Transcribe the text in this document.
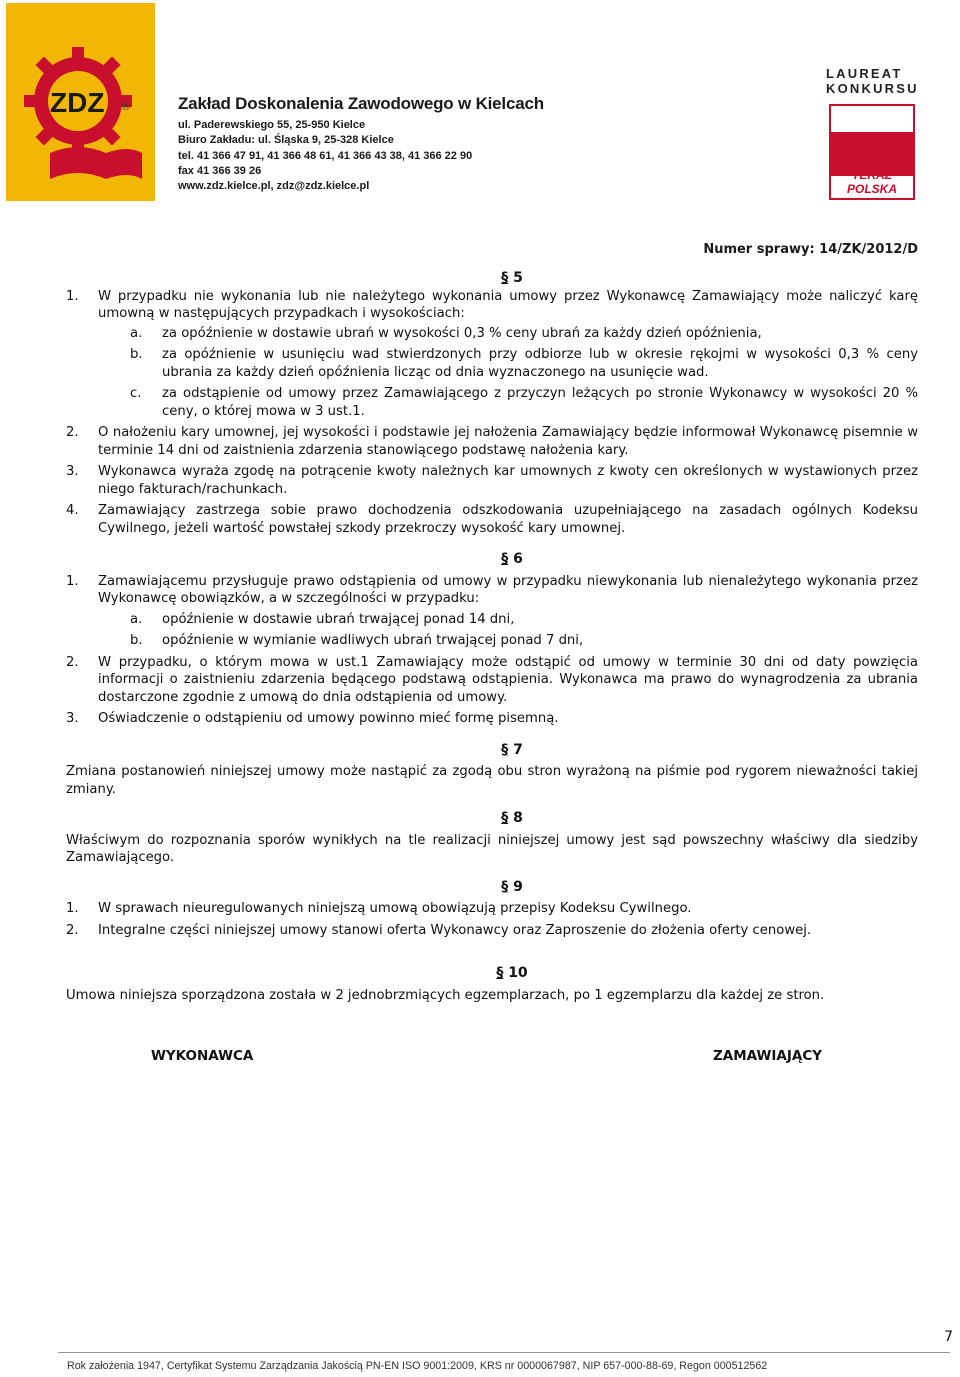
ZDZ ®	Zakład Doskonalenia Zawodowego w Kielcach
ul. Paderewskiego 55, 25-950 Kielce
Biuro Zakładu: ul. Śląska 9, 25-328 Kielce
tel. 41 366 47 91, 41 366 48 61, 41 366 43 38, 41 366 22 90
fax 41 366 39 26
www.zdz.kielce.pl, zdz@zdz.kielce.pl
LAUREAT
KONKURSU
TERAZ POLSKA
Numer sprawy: 14/ZK/2012/D
§ 5
1.	W przypadku nie wykonania lub nie należytego wykonania umowy przez Wykonawcę Zamawiający może naliczyć karę umowną w następujących przypadkach i wysokościach:
a.	za opóźnienie w dostawie ubrań w wysokości 0,3 % ceny ubrań za każdy dzień opóźnienia,
b.	za opóźnienie w usunięciu wad stwierdzonych przy odbiorze lub w okresie rękojmi w wysokości 0,3 % ceny ubrania za każdy dzień opóźnienia licząc od dnia wyznaczonego na usunięcie wad.
c.	za odstąpienie od umowy przez Zamawiającego z przyczyn leżących po stronie Wykonawcy w wysokości 20 % ceny, o której mowa w 3 ust.1.
2.	O nałożeniu kary umownej, jej wysokości i podstawie jej nałożenia Zamawiający będzie informował Wykonawcę pisemnie w terminie 14 dni od zaistnienia zdarzenia stanowiącego podstawę nałożenia kary.
3.	Wykonawca wyraża zgodę na potrącenie kwoty należnych kar umownych z kwoty cen określonych w wystawionych przez niego fakturach/rachunkach.
4.	Zamawiający zastrzega sobie prawo dochodzenia odszkodowania uzupełniającego na zasadach ogólnych Kodeksu Cywilnego, jeżeli wartość powstałej szkody przekroczy wysokość kary umownej.
§ 6
1.	Zamawiającemu przysługuje prawo odstąpienia od umowy w przypadku niewykonania lub nienależytego wykonania przez Wykonawcę obowiązków, a w szczególności w przypadku:
a.	opóźnienie w dostawie ubrań trwającej ponad 14 dni,
b.	opóźnienie w wymianie wadliwych ubrań trwającej ponad 7 dni,
2.	W przypadku, o którym mowa w ust.1 Zamawiający może odstąpić od umowy w terminie 30 dni od daty powzięcia informacji o zaistnieniu zdarzenia będącego podstawą odstąpienia. Wykonawca ma prawo do wynagrodzenia za ubrania dostarczone zgodnie z umową do dnia odstąpienia od umowy.
3.	Oświadczenie o odstąpieniu od umowy powinno mieć formę pisemną.
§ 7
Zmiana postanowień niniejszej umowy może nastąpić za zgodą obu stron wyrażoną na piśmie pod rygorem nieważności takiej zmiany.
§ 8
Właściwym do rozpoznania sporów wynikłych na tle realizacji niniejszej umowy jest sąd powszechny właściwy dla siedziby Zamawiającego.
§ 9
1.	W sprawach nieuregulowanych niniejszą umową obowiązują przepisy Kodeksu Cywilnego.
2.	Integralne części niniejszej umowy stanowi oferta Wykonawcy oraz Zaproszenie do złożenia oferty cenowej.
§ 10
Umowa niniejsza sporządzona została w 2 jednobrzmiących egzemplarzach, po 1 egzemplarzu dla każdej ze stron.
WYKONAWCA	ZAMAWIAJĄCY
7
Rok założenia 1947, Certyfikat Systemu Zarządzania Jakością PN-EN ISO 9001:2009, KRS nr 0000067987, NIP 657-000-88-69, Regon 000512562
